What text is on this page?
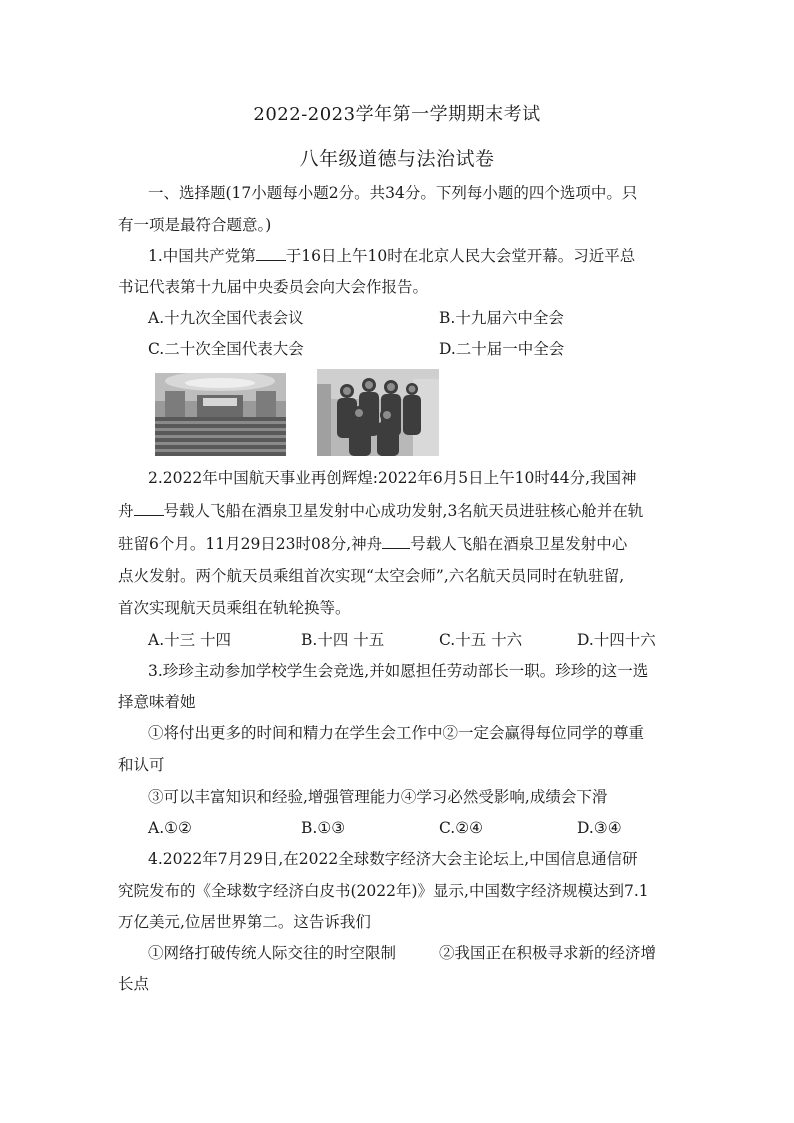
2022-2023学年第一学期期末考试
八年级道德与法治试卷
一、选择题(17小题每小题2分。共34分。下列每小题的四个选项中。只
有一项是最符合题意。)
1.中国共产党第 于16日上午10时在北京人民大会堂开幕。习近平总
书记代表第十九届中央委员会向大会作报告。
A.十九次全国代表会议	B.十九届六中全会
C.二十次全国代表大会	D.二十届一中全会
2.2022年中国航天事业再创辉煌:2022年6月5日上午10时44分,我国神
舟 号载人飞船在酒泉卫星发射中心成功发射,3名航天员进驻核心舱并在轨
驻留6个月。11月29日23时08分,神舟 号载人飞船在酒泉卫星发射中心
点火发射。两个航天员乘组首次实现“太空会师”,六名航天员同时在轨驻留,
首次实现航天员乘组在轨轮换等。
A.十三 十四	B.十四 十五	C.十五 十六	D.十四十六
3.珍珍主动参加学校学生会竞选,并如愿担任劳动部长一职。珍珍的这一选
择意味着她
①将付出更多的时间和精力在学生会工作中②一定会赢得每位同学的尊重
和认可
③可以丰富知识和经验,增强管理能力④学习必然受影响,成绩会下滑
A.①②	B.①③	C.②④	D.③④
4.2022年7月29日,在2022全球数字经济大会主论坛上,中国信息通信研
究院发布的《全球数字经济白皮书(2022年)》显示,中国数字经济规模达到7.1
万亿美元,位居世界第二。这告诉我们
①网络打破传统人际交往的时空限制	②我国正在积极寻求新的经济增
长点
